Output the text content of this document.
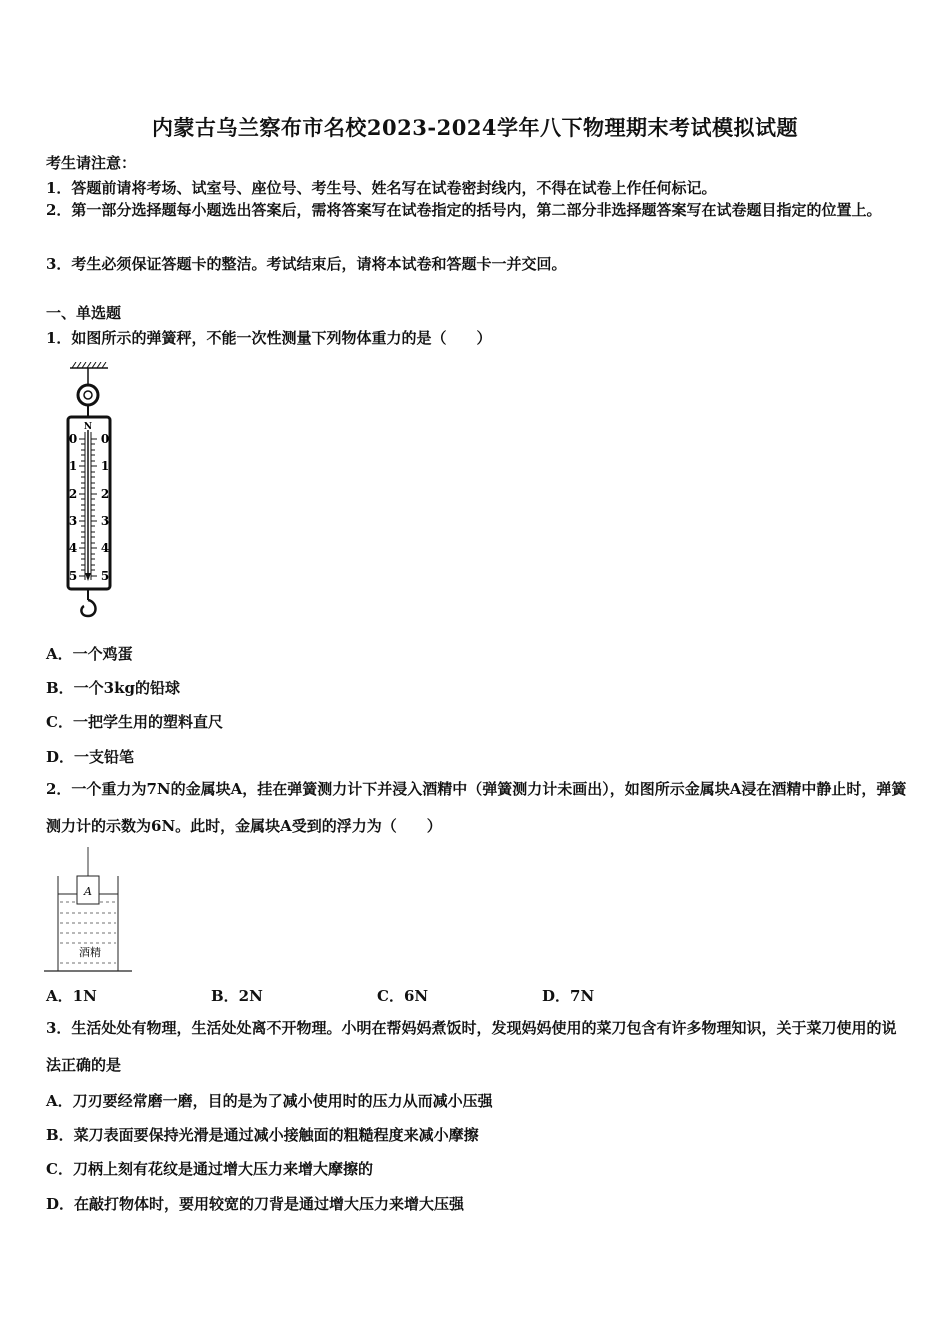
内蒙古乌兰察布市名校2023-2024学年八下物理期末考试模拟试题
考生请注意：
1．答题前请将考场、试室号、座位号、考生号、姓名写在试卷密封线内，不得在试卷上作任何标记。
2．第一部分选择题每小题选出答案后，需将答案写在试卷指定的括号内，第二部分非选择题答案写在试卷题目指定的位置上。
3．考生必须保证答题卡的整洁。考试结束后，请将本试卷和答题卡一并交回。
一、单选题
1．如图所示的弹簧秤，不能一次性测量下列物体重力的是（　　）
N
0 0
1 1
2 2
3 3
4 4
5 5
A．一个鸡蛋
B．一个3kg的铅球
C．一把学生用的塑料直尺
D．一支铅笔
2．一个重力为7N的金属块A，挂在弹簧测力计下并浸入酒精中（弹簧测力计未画出），如图所示金属块A浸在酒精中静止时，弹簧测力计的示数为6N。此时，金属块A受到的浮力为（　　）
A
酒精
A．1N	B．2N	C．6N	D．7N
3．生活处处有物理，生活处处离不开物理。小明在帮妈妈煮饭时，发现妈妈使用的菜刀包含有许多物理知识，关于菜刀使用的说法正确的是
A．刀刃要经常磨一磨，目的是为了减小使用时的压力从而减小压强
B．菜刀表面要保持光滑是通过减小接触面的粗糙程度来减小摩擦
C．刀柄上刻有花纹是通过增大压力来增大摩擦的
D．在敲打物体时，要用较宽的刀背是通过增大压力来增大压强
